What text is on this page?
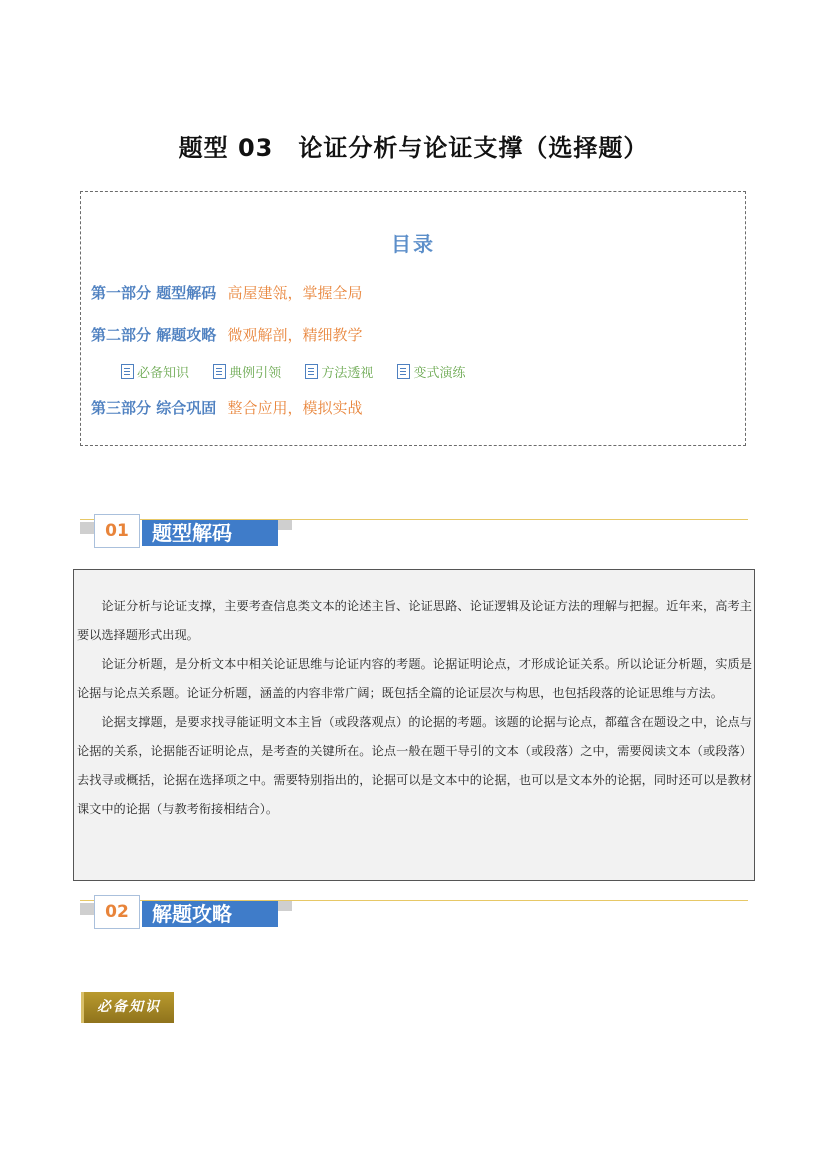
题型 03　论证分析与论证支撑（选择题）
目录
第一部分 题型解码 高屋建瓴，掌握全局
第二部分 解题攻略 微观解剖，精细教学
必备知识	典例引领	方法透视	变式演练
第三部分 综合巩固 整合应用，模拟实战
01	题型解码

论证分析与论证支撑，主要考查信息类文本的论述主旨、论证思路、论证逻辑及论证方法的理解与把握。近年来，高考主要以选择题形式出现。

论证分析题，是分析文本中相关论证思维与论证内容的考题。论据证明论点，才形成论证关系。所以论证分析题，实质是论据与论点关系题。论证分析题，涵盖的内容非常广阔；既包括全篇的论证层次与构思，也包括段落的论证思维与方法。

论据支撑题，是要求找寻能证明文本主旨（或段落观点）的论据的考题。该题的论据与论点，都蕴含在题设之中，论点与论据的关系，论据能否证明论点，是考查的关键所在。论点一般在题干导引的文本（或段落）之中，需要阅读文本（或段落）去找寻或概括，论据在选择项之中。需要特别指出的，论据可以是文本中的论据，也可以是文本外的论据，同时还可以是教材课文中的论据（与教考衔接相结合）。

02	解题攻略
必备知识
